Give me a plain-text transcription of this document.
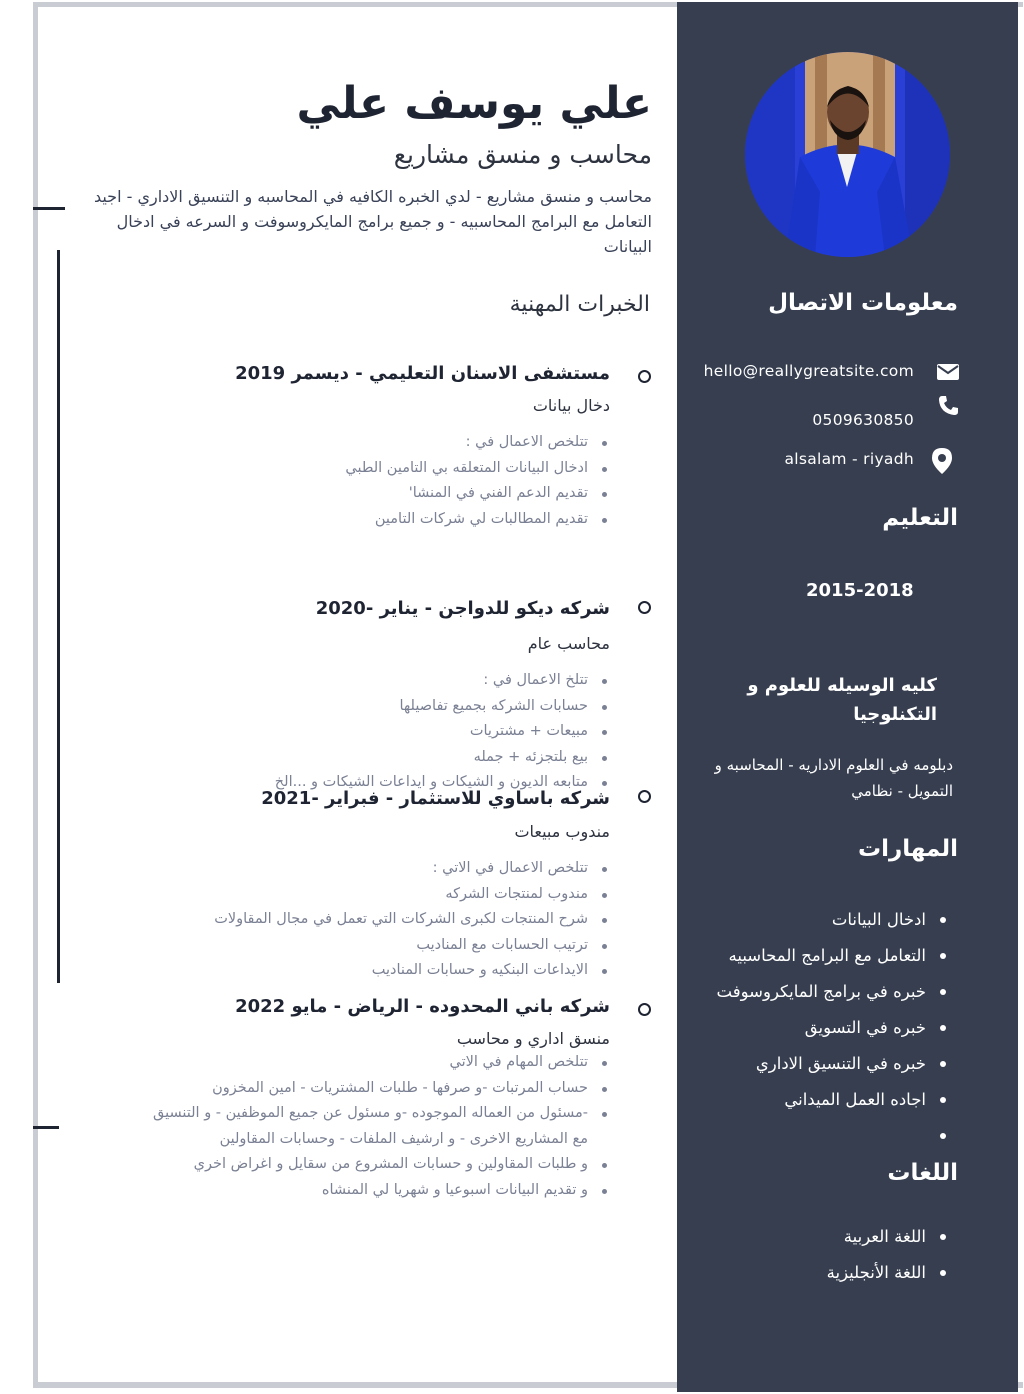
علي يوسف علي
محاسب و منسق مشاريع
محاسب و منسق مشاريع - لدي الخبره الكافيه في المحاسبه و التنسيق الاداري - اجيد التعامل مع البرامج المحاسبيه - و جميع برامج المايكروسوفت و السرعه في ادخال البيانات
الخبرات المهنية
مستشفى الاسنان التعليمي - ديسمر 2019
دخال بيانات
تتلخص الاعمال في :
ادخال البيانات المتعلقه بي التامين الطبي
تقديم الدعم الفني في المنشا'
تقديم المطالبات لي شركات التامين
شركه ديكو للدواجن - يناير -2020
محاسب عام
تتلخ الاعمال في :
حسابات الشركه بجميع تفاصيلها
مبيعات + مشتريات
بيع بلتجزئه + جمله
متابعه الديون و الشيكات و ايداعات الشيكات و ...الخ
شركه باساوي للاستثمار - فبراير -2021
مندوب مبيعات
تتلخص الاعمال في الاتي :
مندوب لمنتجات الشركه
شرح المنتجات لكبرى الشركات التي تعمل في مجال المقاولات
ترتيب الحسابات مع المناديب
الايداعات البنكيه و حسابات المناديب
شركه باني المحدوده - الرياض - مايو 2022
منسق اداري و محاسب
تتلخص المهام في الاتي
حساب المرتبات -و صرفها - طلبات المشتريات - امين المخزون
-مسئول من العماله الموجوده -و مسئول عن جميع الموظفين - و التنسيق مع المشاريع الاخرى - و ارشيف الملفات - وحسابات المقاولين
و طلبات المقاولين و حسابات المشروع من سقايل و اغراض اخري
و تقديم البيانات اسبوعيا و شهريا لي المنشاه
معلومات الاتصال
hello@reallygreatsite.com
0509630850
alsalam - riyadh
التعليم
2015-2018
كليه الوسيله للعلوم و التكنلوجيا
دبلومه في العلوم الاداريه - المحاسبه و التمويل - نظامي
المهارات
ادخال البيانات
التعامل مع البرامج المحاسبيه
خبره في برامج المايكروسوفت
خبره في التسويق
خبره في التنسيق الاداري
اجاده العمل الميداني
اللغات
اللغة العربية
اللغة الأنجليزية
